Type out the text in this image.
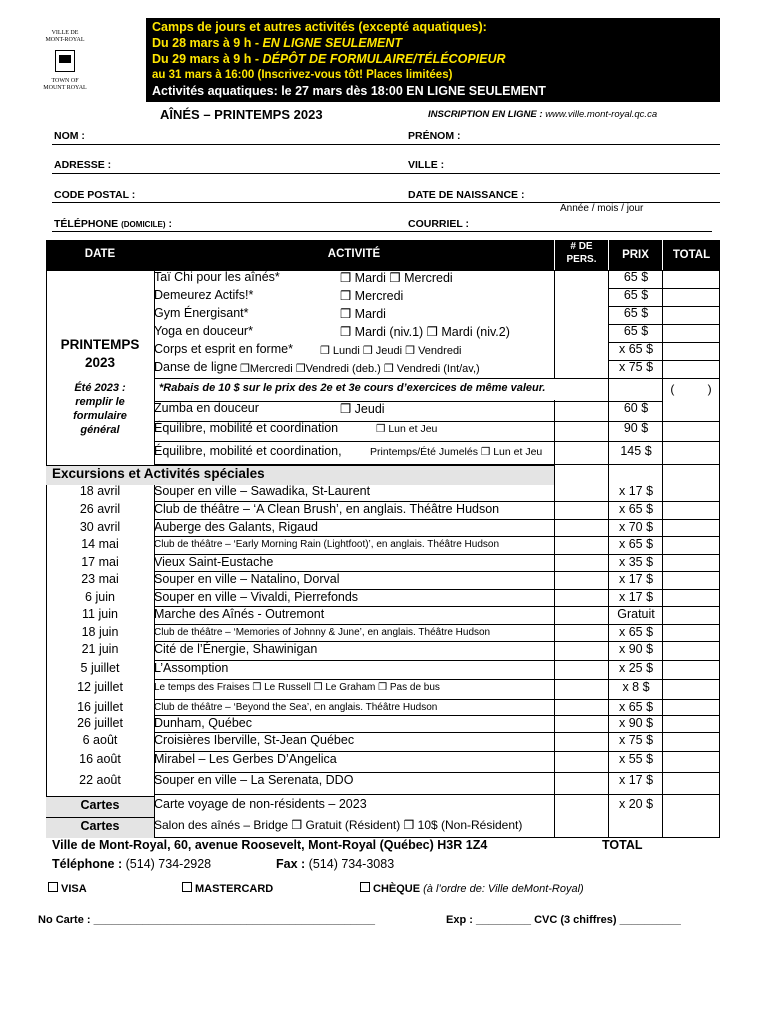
VILLE DE
MONT-ROYAL
TOWN OF
MOUNT ROYAL
Camps de jours et autres activités (excepté aquatiques):
Du 28 mars à 9 h - EN LIGNE SEULEMENT
Du 29 mars à 9 h - DÉPÔT DE FORMULAIRE/TÉLÉCOPIEUR
au 31 mars à 16:00 (Inscrivez-vous tôt! Places limitées)
Activités aquatiques: le 27 mars dès 18:00 EN LIGNE SEULEMENT
AÎNÉS – PRINTEMPS 2023	INSCRIPTION EN LIGNE : www.ville.mont-royal.qc.ca
NOM :	PRÉNOM :
ADRESSE :	VILLE :
CODE POSTAL :	DATE DE NAISSANCE :
Année / mois / jour
TÉLÉPHONE (DOMICILE) :	COURRIEL :
DATE	ACTIVITÉ
# DE
PERS.	PRIX	TOTAL
PRINTEMPS
2023
Été 2023 :
remplir le
formulaire
général
Taï Chi pour les aînés*	❒ Mardi ❒ Mercredi	65 $
Demeurez Actifs!*	❒ Mercredi	65 $
Gym Énergisant*	❒ Mardi	65 $
Yoga en douceur*	❒ Mardi (niv.1) ❒ Mardi (niv.2)	65 $
Corps et esprit en forme* ❒ Lundi ❒ Jeudi ❒ Vendredi	x 65 $
Danse de ligne ❒Mercredi ❒Vendredi (deb.) ❒ Vendredi (Int/av,)	x 75 $
Zumba en douceur	❒ Jeudi	60 $
Équilibre, mobilité et coordination	❒ Lun et Jeu	90 $
Équilibre, mobilité et coordination,	Printemps/Été Jumelés ❒ Lun et Jeu	145 $
*Rabais de 10 $ sur le prix des 2e et 3e cours d’exercices de même valeur.	(          )
Excursions et Activités spéciales
18 avril	Souper en ville – Sawadika, St-Laurent	x 17 $
26 avril	Club de théâtre – ‘A Clean Brush’, en anglais. Théâtre Hudson	x 65 $
30 avril	Auberge des Galants, Rigaud	x 70 $
14 mai	Club de théâtre – ‘Early Morning Rain (Lightfoot)’, en anglais. Théâtre Hudson	x 65 $
17 mai	Vieux Saint-Eustache	x 35 $
23 mai	Souper en ville – Natalino, Dorval	x 17 $
6 juin	Souper en ville – Vivaldi, Pierrefonds	x 17 $
11 juin	Marche des Aînés - Outremont	Gratuit
18 juin	Club de théâtre – ‘Memories of Johnny & June’, en anglais. Théâtre Hudson	x 65 $
21 juin	Cité de l’Énergie, Shawinigan	x 90 $
5 juillet	L’Assomption	x 25 $
12 juillet	Le temps des Fraises ❒ Le Russell ❒ Le Graham ❒ Pas de bus	x 8 $
16 juillet	Club de théâtre – ‘Beyond the Sea’, en anglais. Théâtre Hudson	x 65 $
26 juillet	Dunham, Québec	x 90 $
6 août	Croisières Iberville, St-Jean Québec	x 75 $
16 août	Mirabel – Les Gerbes D’Angelica	x 55 $
22 août	Souper en ville – La Serenata, DDO	x 17 $
Cartes	Carte voyage de non-résidents – 2023	x 20 $
Cartes	Salon des aînés – Bridge ❒ Gratuit (Résident) ❒ 10$ (Non-Résident)
Ville de Mont-Royal, 60, avenue Roosevelt, Mont-Royal (Québec) H3R 1Z4	TOTAL
Téléphone : (514) 734-2928	Fax : (514) 734-3083
VISA	MASTERCARD	CHÈQUE (à l’ordre de: Ville deMont-Royal)
No Carte : ______________________________________________	Exp : _________ CVC (3 chiffres) __________
